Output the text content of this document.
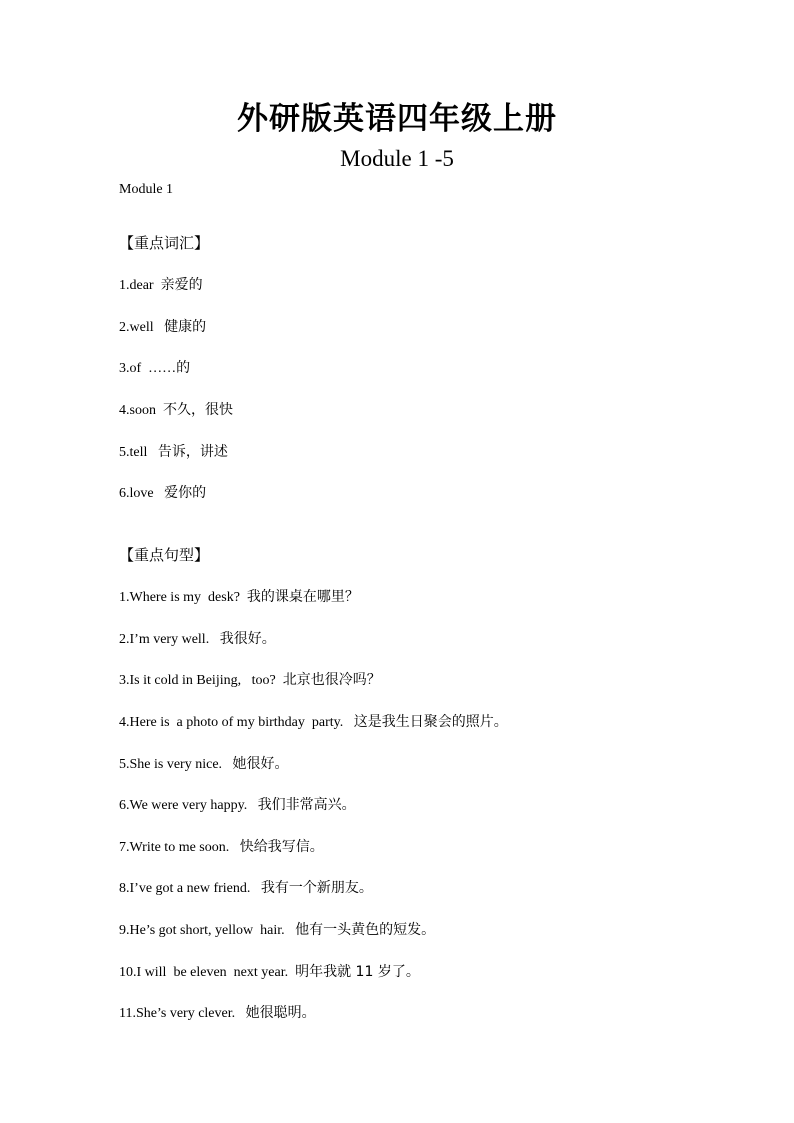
外研版英语四年级上册
Module 1 -5
Module 1
【重点词汇】
1.dear  亲爱的
2.well   健康的
3.of  ……的
4.soon  不久，很快
5.tell   告诉，讲述
6.love   爱你的
【重点句型】
1.Where is my  desk?  我的课桌在哪里？
2.I’m very well.   我很好。
3.Is it cold in Beijing,   too?  北京也很冷吗？
4.Here is  a photo of my birthday  party.   这是我生日聚会的照片。
5.She is very nice.   她很好。
6.We were very happy.   我们非常高兴。
7.Write to me soon.   快给我写信。
8.I’ve got a new friend.   我有一个新朋友。
9.He’s got short, yellow  hair.   他有一头黄色的短发。
10.I will  be eleven  next year.  明年我就 11 岁了。
11.She’s very clever.   她很聪明。
